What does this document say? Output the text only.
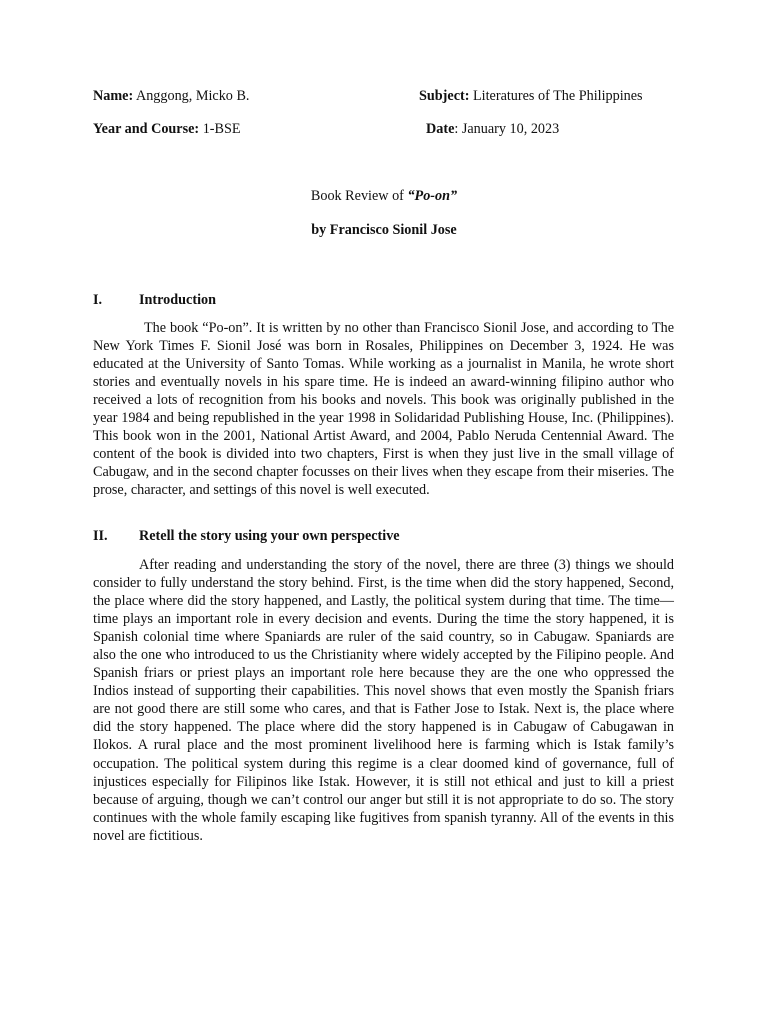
Name: Anggong, Micko B.	Subject: Literatures of The Philippines
Year and Course: 1-BSE	Date: January 10, 2023
Book Review of “Po-on”
by Francisco Sionil Jose
I.	Introduction

The book “Po-on”. It is written by no other than Francisco Sionil Jose, and according to The New York Times F. Sionil José was born in Rosales, Philippines on December 3, 1924. He was educated at the University of Santo Tomas. While working as a journalist in Manila, he wrote short stories and eventually novels in his spare time. He is indeed an award-winning filipino author who received a lots of recognition from his books and novels. This book was originally published in the year 1984 and being republished in the year 1998 in Solidaridad Publishing House, Inc. (Philippines). This book won in the 2001, National Artist Award, and 2004, Pablo Neruda Centennial Award. The content of the book is divided into two chapters, First is when they just live in the small village of Cabugaw, and in the second chapter focusses on their lives when they escape from their miseries. The prose, character, and settings of this novel is well executed.

II. Retell the story using your own perspective

After reading and understanding the story of the novel, there are three (3) things we should consider to fully understand the story behind. First, is the time when did the story happened, Second, the place where did the story happened, and Lastly, the political system during that time. The time— time plays an important role in every decision and events. During the time the story happened, it is Spanish colonial time where Spaniards are ruler of the said country, so in Cabugaw. Spaniards are also the one who introduced to us the Christianity where widely accepted by the Filipino people. And Spanish friars or priest plays an important role here because they are the one who oppressed the Indios instead of supporting their capabilities. This novel shows that even mostly the Spanish friars are not good there are still some who cares, and that is Father Jose to Istak. Next is, the place where did the story happened. The place where did the story happened is in Cabugaw of Cabugawan in Ilokos. A rural place and the most prominent livelihood here is farming which is Istak family’s occupation. The political system during this regime is a clear doomed kind of governance, full of injustices especially for Filipinos like Istak. However, it is still not ethical and just to kill a priest because of arguing, though we can’t control our anger but still it is not appropriate to do so. The story continues with the whole family escaping like fugitives from spanish tyranny. All of the events in this novel are fictitious.
